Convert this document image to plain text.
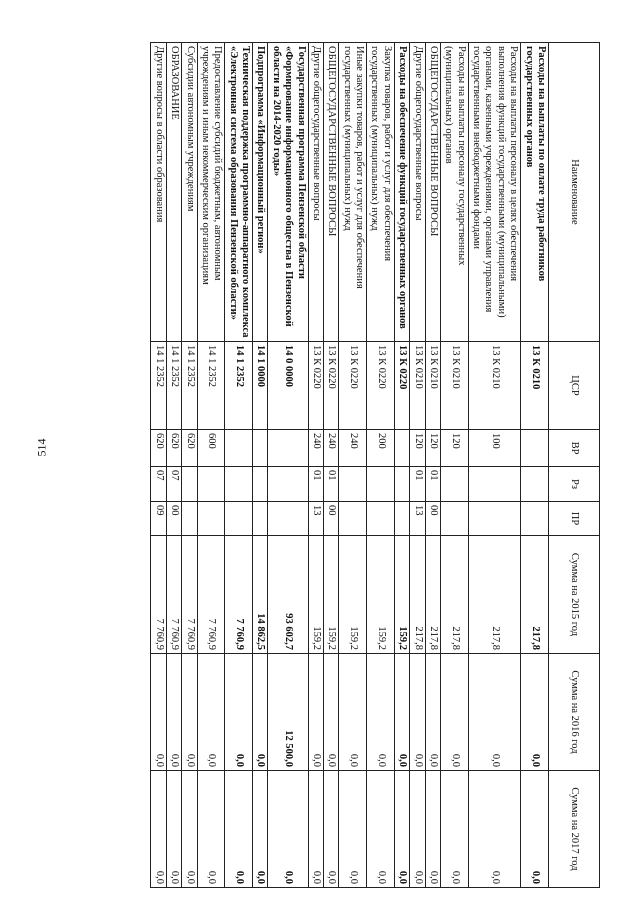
514
Наименование	ЦСР	ВР	Рз	ПР	Сумма на 2015 год	Сумма на 2016 год	Сумма на 2017 год
Расходы на выплаты по оплате труда работников государственных органов	13 К 0210				217,8	0,0	0,0
Расходы на выплаты персоналу в целях обеспечения выполнения функций государственными (муниципальными) органами, казенными учреждениями, органами управления государственными внебюджетными фондами	13 К 0210	100			217,8	0,0	0,0
Расходы на выплаты персоналу государственных (муниципальных) органов	13 К 0210	120			217,8	0,0	0,0
ОБЩЕГОСУДАРСТВЕННЫЕ ВОПРОСЫ	13 К 0210	120	01	00	217,8	0,0	0,0
Другие общегосударственные вопросы	13 К 0210	120	01	13	217,8	0,0	0,0
Расходы на обеспечение функций государственных органов	13 К 0220				159,2	0,0	0,0
Закупка товаров, работ и услуг для обеспечения государственных (муниципальных) нужд	13 К 0220	200			159,2	0,0	0,0
Иные закупки товаров, работ и услуг для обеспечения государственных (муниципальных) нужд	13 К 0220	240			159,2	0,0	0,0
ОБЩЕГОСУДАРСТВЕННЫЕ ВОПРОСЫ	13 К 0220	240	01	00	159,2	0,0	0,0
Другие общегосударственные вопросы	13 К 0220	240	01	13	159,2	0,0	0,0
Государственная программа Пензенской области «Формирование информационного общества в Пензенской области на 2014-2020 годы»	14 0 0000				93 602,7	12 500,0	0,0
Подпрограмма «Информационный регион»	14 1 0000				14 862,5	0,0	0,0
Техническая поддержка программно-аппаратного комплекса «Электронная система образования Пензенской области»	14 1 2352				7 760,9	0,0	0,0
Предоставление субсидий бюджетным, автономным учреждениям и иным некоммерческим организациям	14 1 2352	600			7 760,9	0,0	0,0
Субсидии автономным учреждениям	14 1 2352	620			7 760,9	0,0	0,0
ОБРАЗОВАНИЕ	14 1 2352	620	07	00	7 760,9	0,0	0,0
Другие вопросы в области образования	14 1 2352	620	07	09	7 760,9	0,0	0,0
